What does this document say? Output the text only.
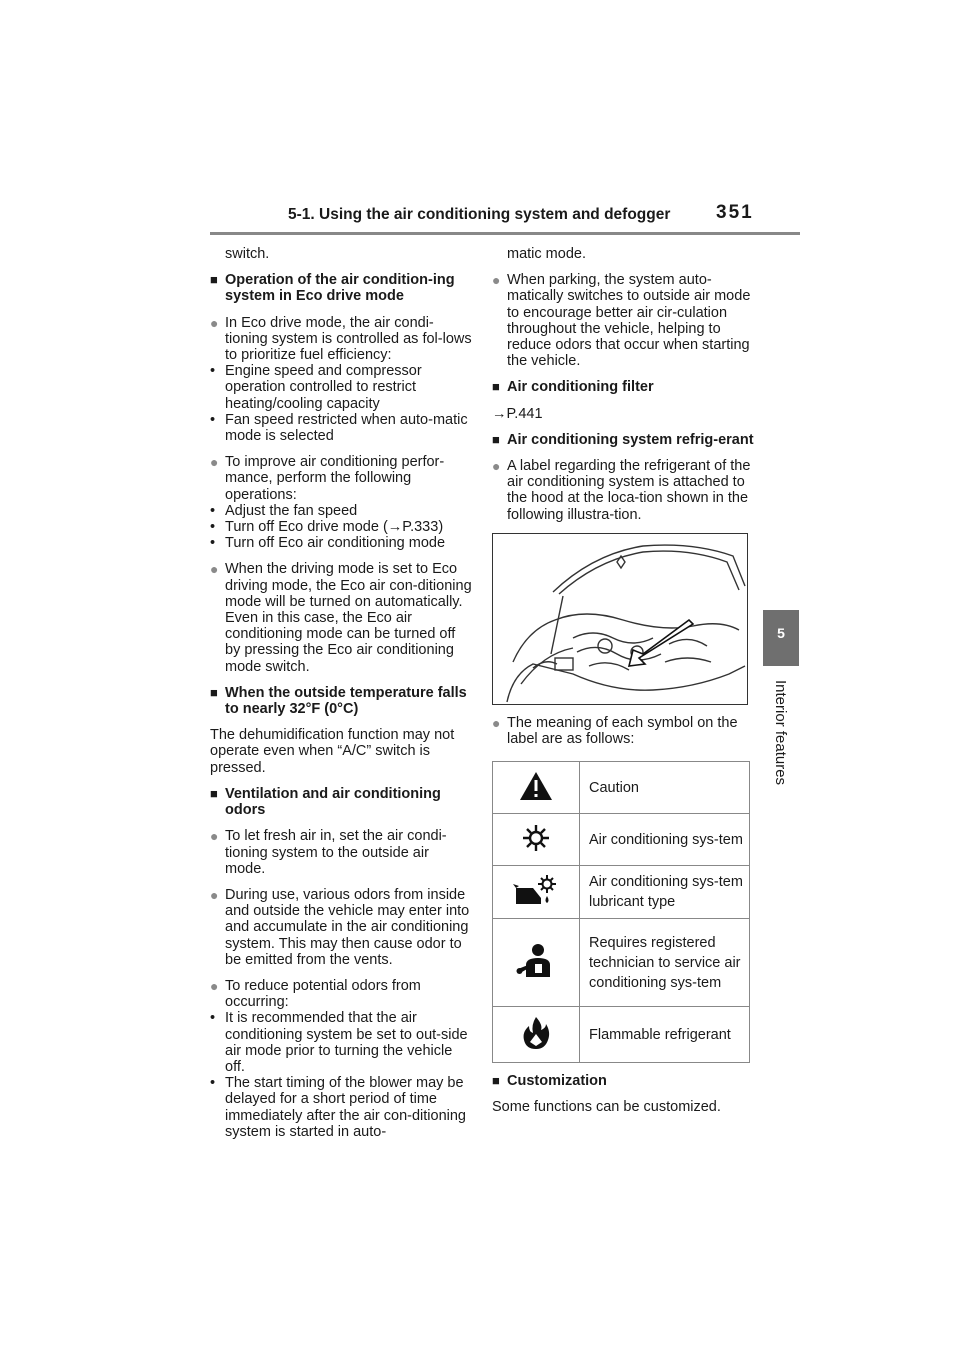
5-1. Using the air conditioning system and defogger 351
5
Interior features

switch.

■ Operation of the air condition-ing system in Eco drive mode
● In Eco drive mode, the air condi-tioning system is controlled as fol-lows to prioritize fuel efficiency:
• Engine speed and compressor operation controlled to restrict heating/cooling capacity
• Fan speed restricted when auto-matic mode is selected
● To improve air conditioning perfor-mance, perform the following operations:
• Adjust the fan speed
• Turn off Eco drive mode (→P.333)
• Turn off Eco air conditioning mode
● When the driving mode is set to Eco driving mode, the Eco air con-ditioning mode will be turned on automatically. Even in this case, the Eco air conditioning mode can be turned off by pressing the Eco air conditioning mode switch.
■ When the outside temperature falls to nearly 32°F (0°C)

The dehumidification function may not operate even when “A/C” switch is pressed.

■ Ventilation and air conditioning odors
● To let fresh air in, set the air condi-tioning system to the outside air mode.
● During use, various odors from inside and outside the vehicle may enter into and accumulate in the air conditioning system. This may then cause odor to be emitted from the vents.
● To reduce potential odors from occurring:
• It is recommended that the air conditioning system be set to out-side air mode prior to turning the vehicle off.
• The start timing of the blower may be delayed for a short period of time immediately after the air con-ditioning system is started in auto-

matic mode.

● When parking, the system auto-matically switches to outside air mode to encourage better air cir-culation throughout the vehicle, helping to reduce odors that occur when starting the vehicle.
■ Air conditioning filter

→P.441

■ Air conditioning system refrig-erant
● A label regarding the refrigerant of the air conditioning system is attached to the hood at the loca-tion shown in the following illustra-tion.
● The meaning of each symbol on the label are as follows:
	Caution
	Air conditioning sys-tem
	Air conditioning sys-tem lubricant type
	Requires registered technician to service air conditioning sys-tem
	Flammable refrigerant
■ Customization

Some functions can be customized.
